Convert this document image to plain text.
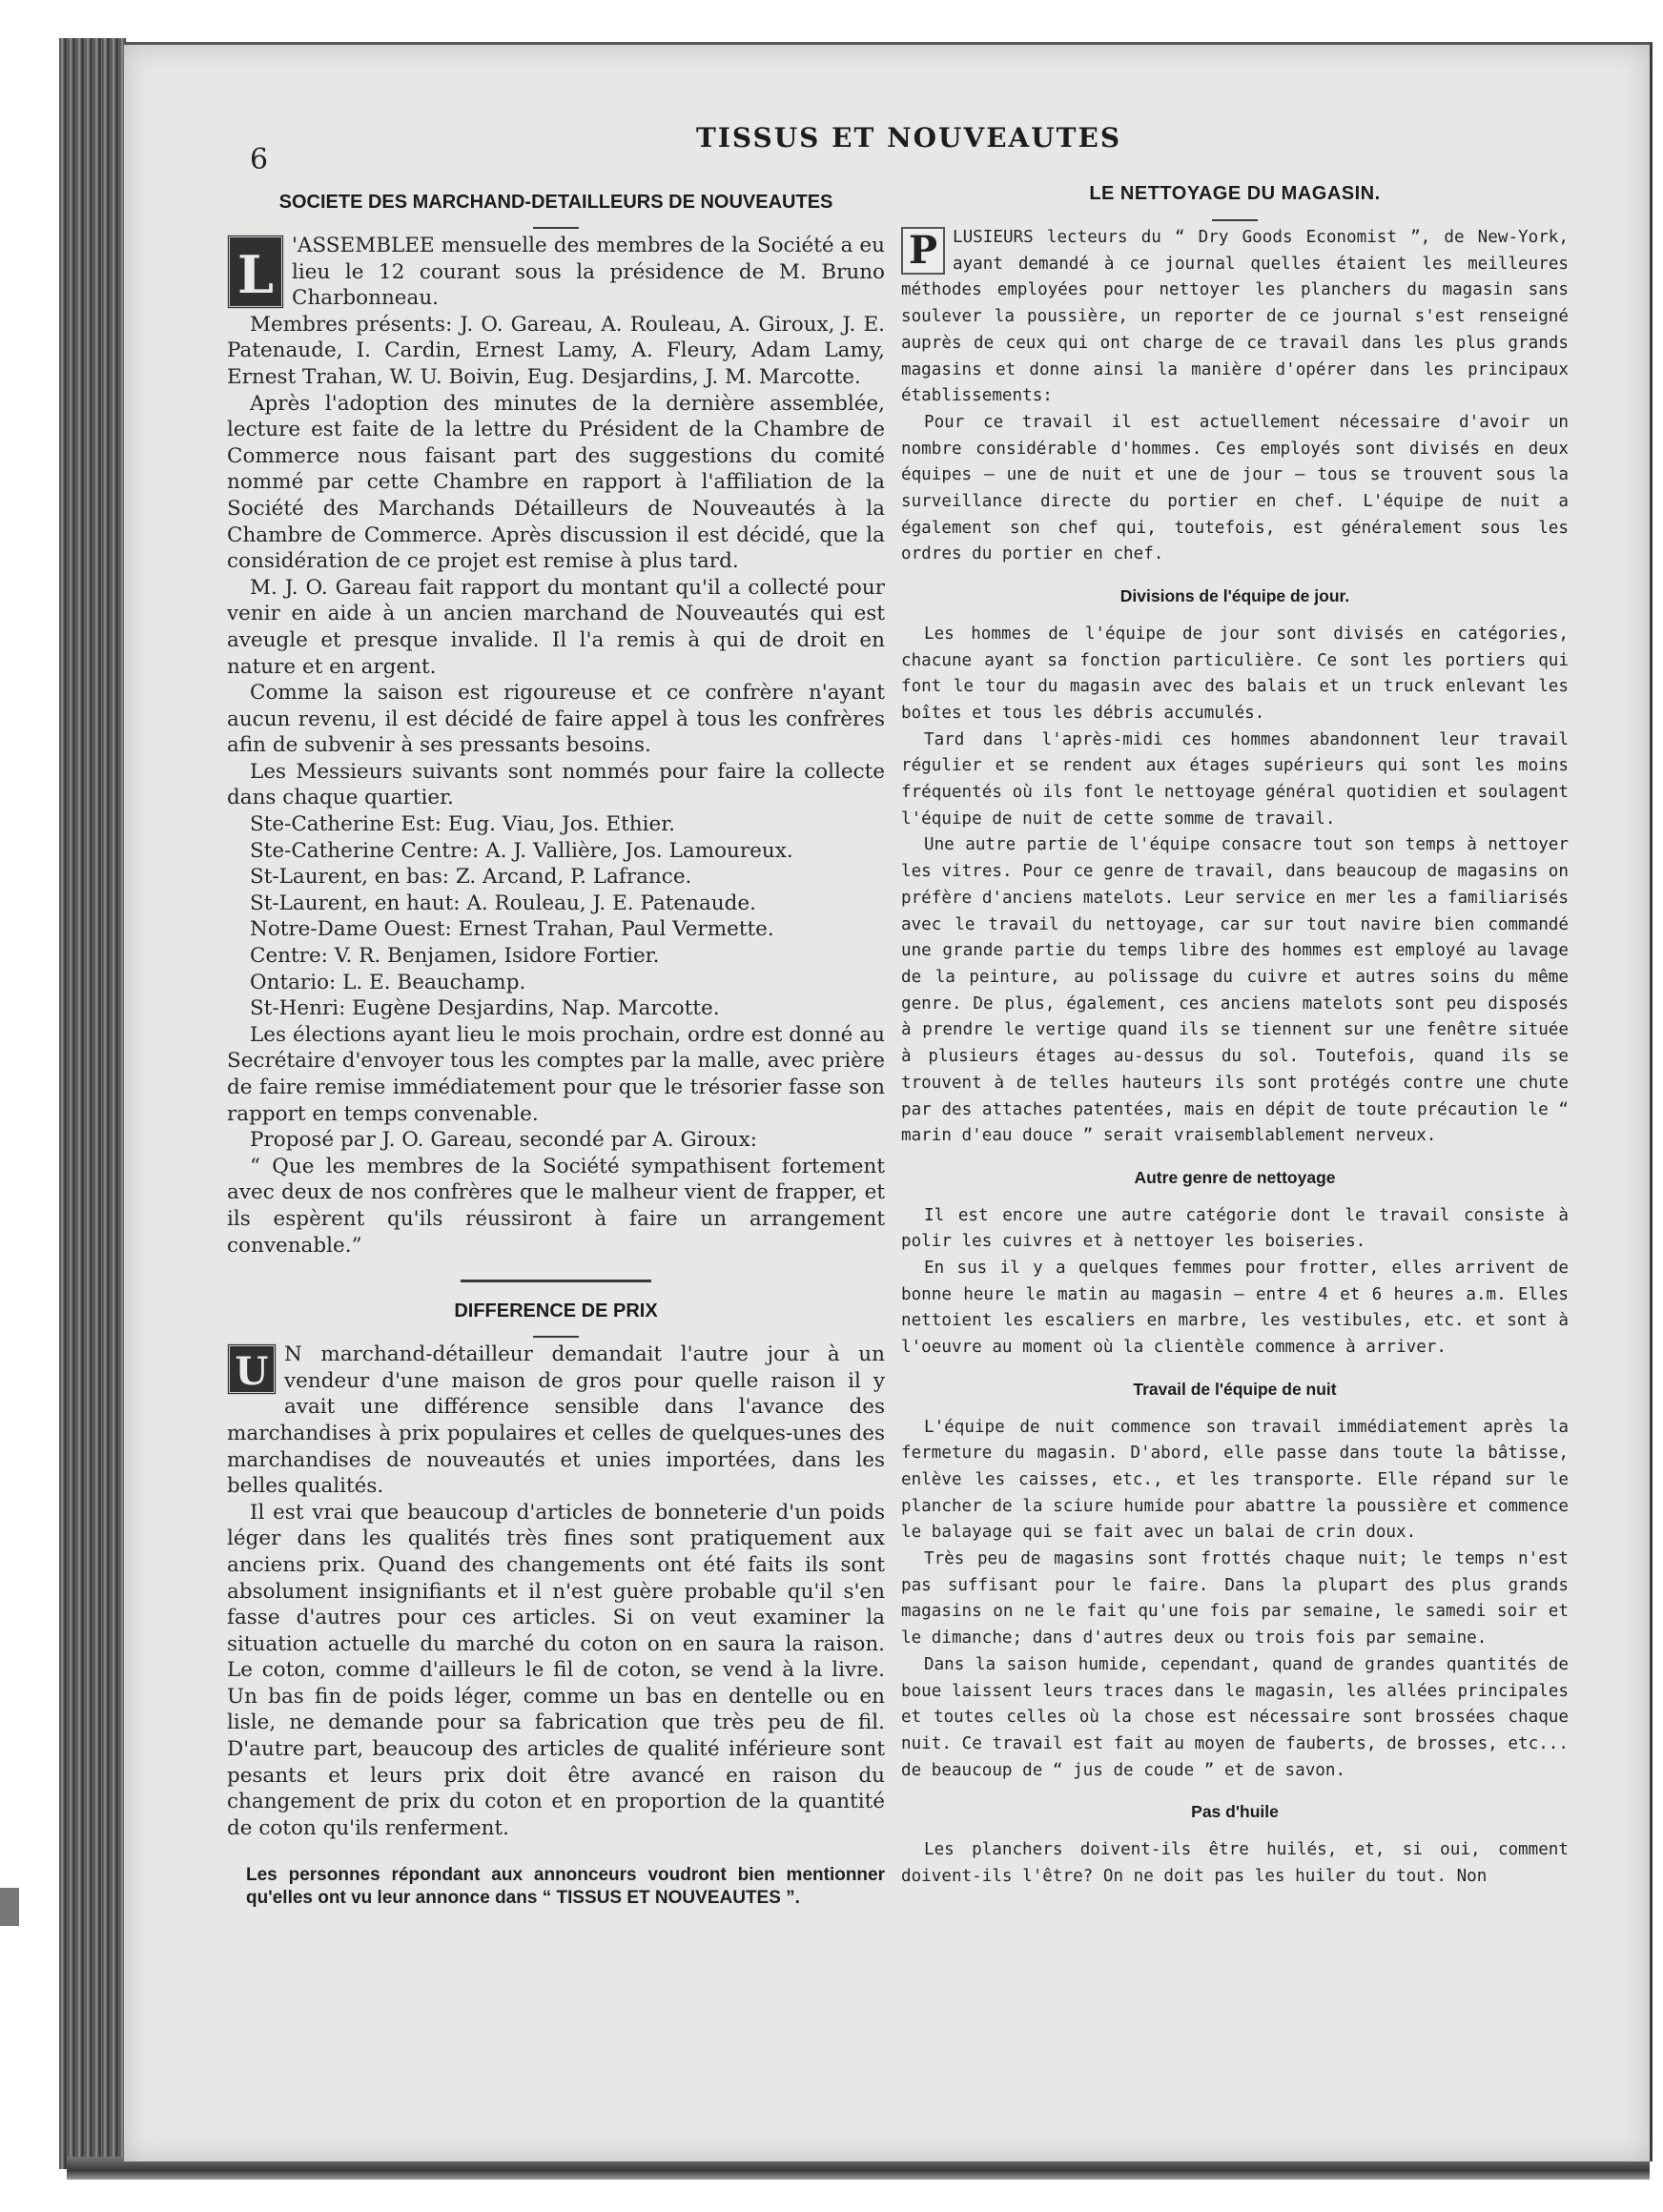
6
TISSUS ET NOUVEAUTES
SOCIETE DES MARCHAND-DETAILLEURS DE NOUVEAUTES
L 'ASSEMBLEE mensuelle des membres de la Société a eu lieu le 12 courant sous la présidence de M. Bruno Charbonneau.

Membres présents: J. O. Gareau, A. Rouleau, A. Giroux, J. E. Patenaude, I. Cardin, Ernest Lamy, A. Fleury, Adam Lamy, Ernest Trahan, W. U. Boivin, Eug. Desjardins, J. M. Marcotte.

Après l'adoption des minutes de la dernière assemblée, lecture est faite de la lettre du Président de la Chambre de Commerce nous faisant part des suggestions du comité nommé par cette Chambre en rapport à l'affiliation de la Société des Marchands Détailleurs de Nouveautés à la Chambre de Commerce. Après discussion il est décidé, que la considération de ce projet est remise à plus tard.

M. J. O. Gareau fait rapport du montant qu'il a collecté pour venir en aide à un ancien marchand de Nouveautés qui est aveugle et presque invalide. Il l'a remis à qui de droit en nature et en argent.

Comme la saison est rigoureuse et ce confrère n'ayant aucun revenu, il est décidé de faire appel à tous les confrères afin de subvenir à ses pressants besoins.

Les Messieurs suivants sont nommés pour faire la collecte dans chaque quartier.

Ste-Catherine Est: Eug. Viau, Jos. Ethier.

Ste-Catherine Centre: A. J. Vallière, Jos. Lamoureux.

St-Laurent, en bas: Z. Arcand, P. Lafrance.

St-Laurent, en haut: A. Rouleau, J. E. Patenaude.

Notre-Dame Ouest: Ernest Trahan, Paul Vermette.

Centre: V. R. Benjamen, Isidore Fortier.

Ontario: L. E. Beauchamp.

St-Henri: Eugène Desjardins, Nap. Marcotte.

Les élections ayant lieu le mois prochain, ordre est donné au Secrétaire d'envoyer tous les comptes par la malle, avec prière de faire remise immédiatement pour que le trésorier fasse son rapport en temps convenable.

Proposé par J. O. Gareau, secondé par A. Giroux:

“ Que les membres de la Société sympathisent fortement avec deux de nos confrères que le malheur vient de frapper, et ils espèrent qu'ils réussiront à faire un arrangement convenable.”

DIFFERENCE DE PRIX
U N marchand-détailleur demandait l'autre jour à un vendeur d'une maison de gros pour quelle raison il y avait une différence sensible dans l'avance des marchandises à prix populaires et celles de quelques-unes des marchandises de nouveautés et unies importées, dans les belles qualités.

Il est vrai que beaucoup d'articles de bonneterie d'un poids léger dans les qualités très fines sont pratiquement aux anciens prix. Quand des changements ont été faits ils sont absolument insignifiants et il n'est guère probable qu'il s'en fasse d'autres pour ces articles. Si on veut examiner la situation actuelle du marché du coton on en saura la raison. Le coton, comme d'ailleurs le fil de coton, se vend à la livre. Un bas fin de poids léger, comme un bas en dentelle ou en lisle, ne demande pour sa fabrication que très peu de fil. D'autre part, beaucoup des articles de qualité inférieure sont pesants et leurs prix doit être avancé en raison du changement de prix du coton et en proportion de la quantité de coton qu'ils renferment.

Les personnes répondant aux annonceurs voudront bien mentionner qu'elles ont vu leur annonce dans “ TISSUS ET NOUVEAUTES ”.
LE NETTOYAGE DU MAGASIN.
P LUSIEURS lecteurs du “ Dry Goods Economist ”, de New-York, ayant demandé à ce journal quelles étaient les meilleures méthodes employées pour nettoyer les planchers du magasin sans soulever la poussière, un reporter de ce journal s'est renseigné auprès de ceux qui ont charge de ce travail dans les plus grands magasins et donne ainsi la manière d'opérer dans les principaux établissements:

Pour ce travail il est actuellement nécessaire d'avoir un nombre considérable d'hommes. Ces employés sont divisés en deux équipes — une de nuit et une de jour — tous se trouvent sous la surveillance directe du portier en chef. L'équipe de nuit a également son chef qui, toutefois, est généralement sous les ordres du portier en chef.

Divisions de l'équipe de jour.

Les hommes de l'équipe de jour sont divisés en catégories, chacune ayant sa fonction particulière. Ce sont les portiers qui font le tour du magasin avec des balais et un truck enlevant les boîtes et tous les débris accumulés.

Tard dans l'après-midi ces hommes abandonnent leur travail régulier et se rendent aux étages supérieurs qui sont les moins fréquentés où ils font le nettoyage général quotidien et soulagent l'équipe de nuit de cette somme de travail.

Une autre partie de l'équipe consacre tout son temps à nettoyer les vitres. Pour ce genre de travail, dans beaucoup de magasins on préfère d'anciens matelots. Leur service en mer les a familiarisés avec le travail du nettoyage, car sur tout navire bien commandé une grande partie du temps libre des hommes est employé au lavage de la peinture, au polissage du cuivre et autres soins du même genre. De plus, également, ces anciens matelots sont peu disposés à prendre le vertige quand ils se tiennent sur une fenêtre située à plusieurs étages au-dessus du sol. Toutefois, quand ils se trouvent à de telles hauteurs ils sont protégés contre une chute par des attaches patentées, mais en dépit de toute précaution le “ marin d'eau douce ” serait vraisemblablement nerveux.

Autre genre de nettoyage

Il est encore une autre catégorie dont le travail consiste à polir les cuivres et à nettoyer les boiseries.

En sus il y a quelques femmes pour frotter, elles arrivent de bonne heure le matin au magasin — entre 4 et 6 heures a.m. Elles nettoient les escaliers en marbre, les vestibules, etc. et sont à l'oeuvre au moment où la clientèle commence à arriver.

Travail de l'équipe de nuit

L'équipe de nuit commence son travail immédiatement après la fermeture du magasin. D'abord, elle passe dans toute la bâtisse, enlève les caisses, etc., et les transporte. Elle répand sur le plancher de la sciure humide pour abattre la poussière et commence le balayage qui se fait avec un balai de crin doux.

Très peu de magasins sont frottés chaque nuit; le temps n'est pas suffisant pour le faire. Dans la plupart des plus grands magasins on ne le fait qu'une fois par semaine, le samedi soir et le dimanche; dans d'autres deux ou trois fois par semaine.

Dans la saison humide, cependant, quand de grandes quantités de boue laissent leurs traces dans le magasin, les allées principales et toutes celles où la chose est nécessaire sont brossées chaque nuit. Ce travail est fait au moyen de fauberts, de brosses, etc... de beaucoup de “ jus de coude ” et de savon.

Pas d'huile

Les planchers doivent-ils être huilés, et, si oui, comment doivent-ils l'être? On ne doit pas les huiler du tout. Non
